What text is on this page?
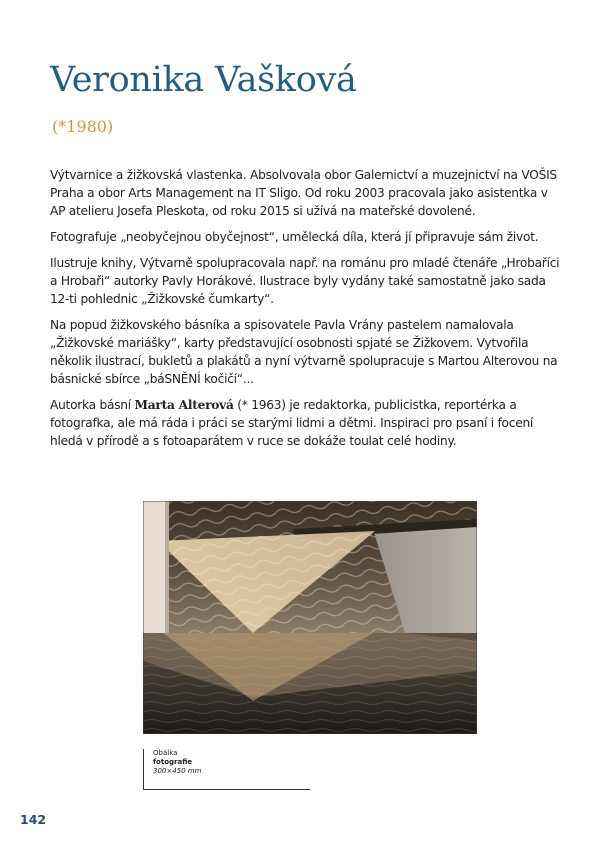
Veronika Vašková
(*1980)

Výtvarnice a žižkovská vlastenka. Absolvovala obor Galernictví a muzejnictví na VOŠIS Praha a obor Arts Management na IT Sligo. Od roku 2003 pracovala jako asistentka v AP atelieru Josefa Pleskota, od roku 2015 si užívá na mateřské dovolené.

Fotografuje „neobyčejnou obyčejnost“, umělecká díla, která jí připravuje sám život.

Ilustruje knihy, Výtvarně spolupracovala např. na románu pro mladé čtenáře „Hrobaříci a Hrobaři“ autorky Pavly Horákové. Ilustrace byly vydány také samostatně jako sada 12-ti pohlednic „Žižkovské čumkarty“.

Na popud žižkovského básníka a spisovatele Pavla Vrány pastelem namalovala „Žižkovské mariášky“, karty představující osobnosti spjaté se Žižkovem. Vytvořila několik ilustrací, bukletů a plakátů a nyní výtvarně spolupracuje s Martou Alterovou na básnické sbírce „báSNĚNÍ kočičí“...

Autorka básní Marta Alterová (* 1963) je redaktorka, publicistka, reportérka a fotografka, ale má ráda i práci se starými lidmi a dětmi. Inspiraci pro psaní i focení hledá v přírodě a s fotoaparátem v ruce se dokáže toulat celé hodiny.

Obálka
fotografie
300×450 mm
142
